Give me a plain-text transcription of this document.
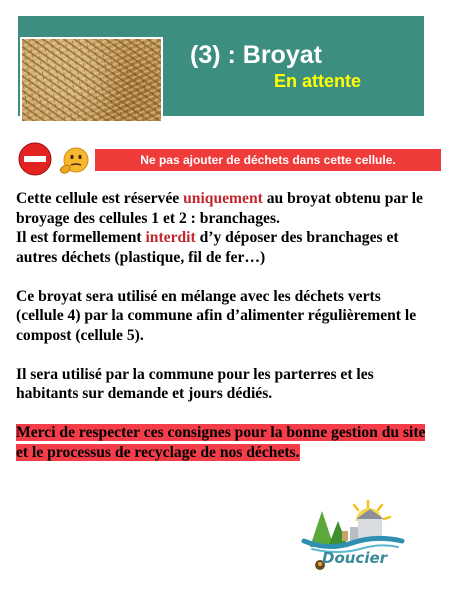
(3) : Broyat
En attente
Ne pas ajouter de déchets dans cette cellule.

Cette cellule est réservée uniquement au broyat obtenu par le broyage des cellules 1 et 2 : branchages.

Il est formellement interdit d’y déposer des branchages et autres déchets (plastique, fil de fer…)

Ce broyat sera utilisé en mélange avec les déchets verts (cellule 4) par la commune afin d’alimenter régulièrement le compost (cellule 5).

Il sera utilisé par la commune pour les parterres et les habitants sur demande et jours dédiés.

Merci de respecter ces consignes pour la bonne gestion du site et le processus de recyclage de nos déchets.

Doucier
